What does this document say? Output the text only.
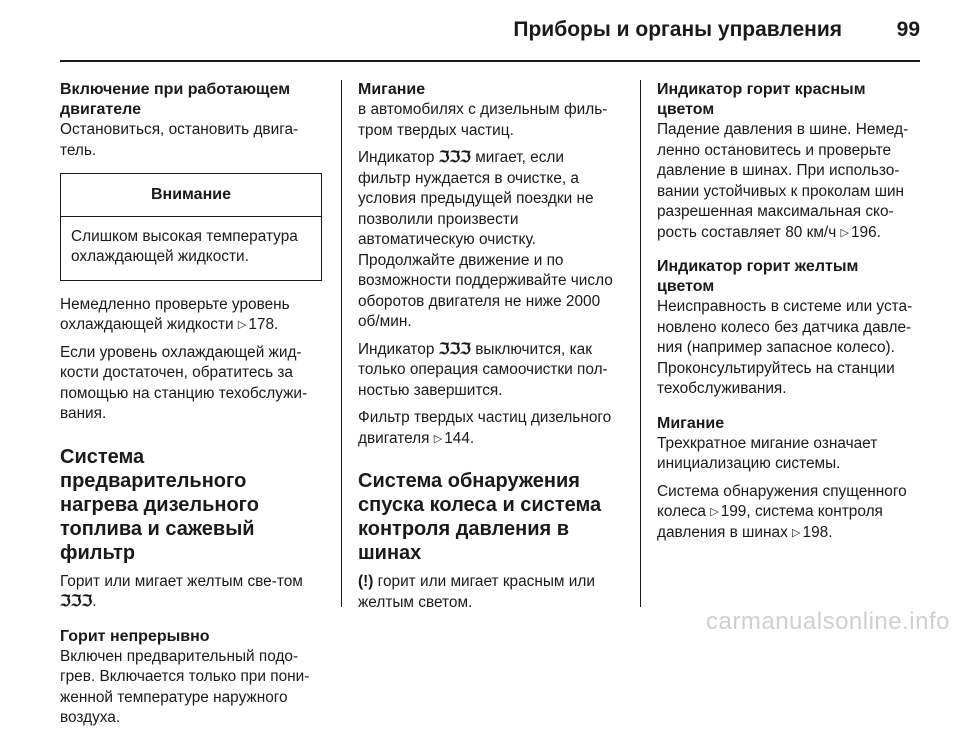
Приборы и органы управления	99
Включение при работающем двигателе

Остановиться, остановить двига-тель.

Внимание
Слишком высокая температура охлаждающей жидкости.

Немедленно проверьте уровень охлаждающей жидкости ▷ 178.

Если уровень охлаждающей жид-кости достаточен, обратитесь за помощью на станцию техобслужи-вания.

Система предварительного нагрева дизельного топлива и сажевый фильтр

Горит или мигает желтым све-том ℑℑℑ.

Горит непрерывно

Включен предварительный подо-грев. Включается только при пони-женной температуре наружного воздуха.

Мигание

в автомобилях с дизельным филь-тром твердых частиц.

Индикатор ℑℑℑ мигает, если фильтр нуждается в очистке, а условия предыдущей поездки не позволили произвести автоматическую очистку. Продолжайте движение и по возможности поддерживайте число оборотов двигателя не ниже 2000 об/мин.

Индикатор ℑℑℑ выключится, как только операция самоочистки пол-ностью завершится.

Фильтр твердых частиц дизельного двигателя ▷ 144.

Система обнаружения спуска колеса и система контроля давления в шинах

(!) горит или мигает красным или желтым светом.

Индикатор горит красным цветом

Падение давления в шине. Немед-ленно остановитесь и проверьте давление в шинах. При использо-вании устойчивых к проколам шин разрешенная максимальная ско-рость составляет 80 км/ч ▷ 196.

Индикатор горит желтым цветом

Неисправность в системе или уста-новлено колесо без датчика давле-ния (например запасное колесо). Проконсультируйтесь на станции техобслуживания.

Мигание

Трехкратное мигание означает инициализацию системы.

Система обнаружения спущенного колеса ▷ 199, система контроля давления в шинах ▷ 198.

carmanualsonline.info
